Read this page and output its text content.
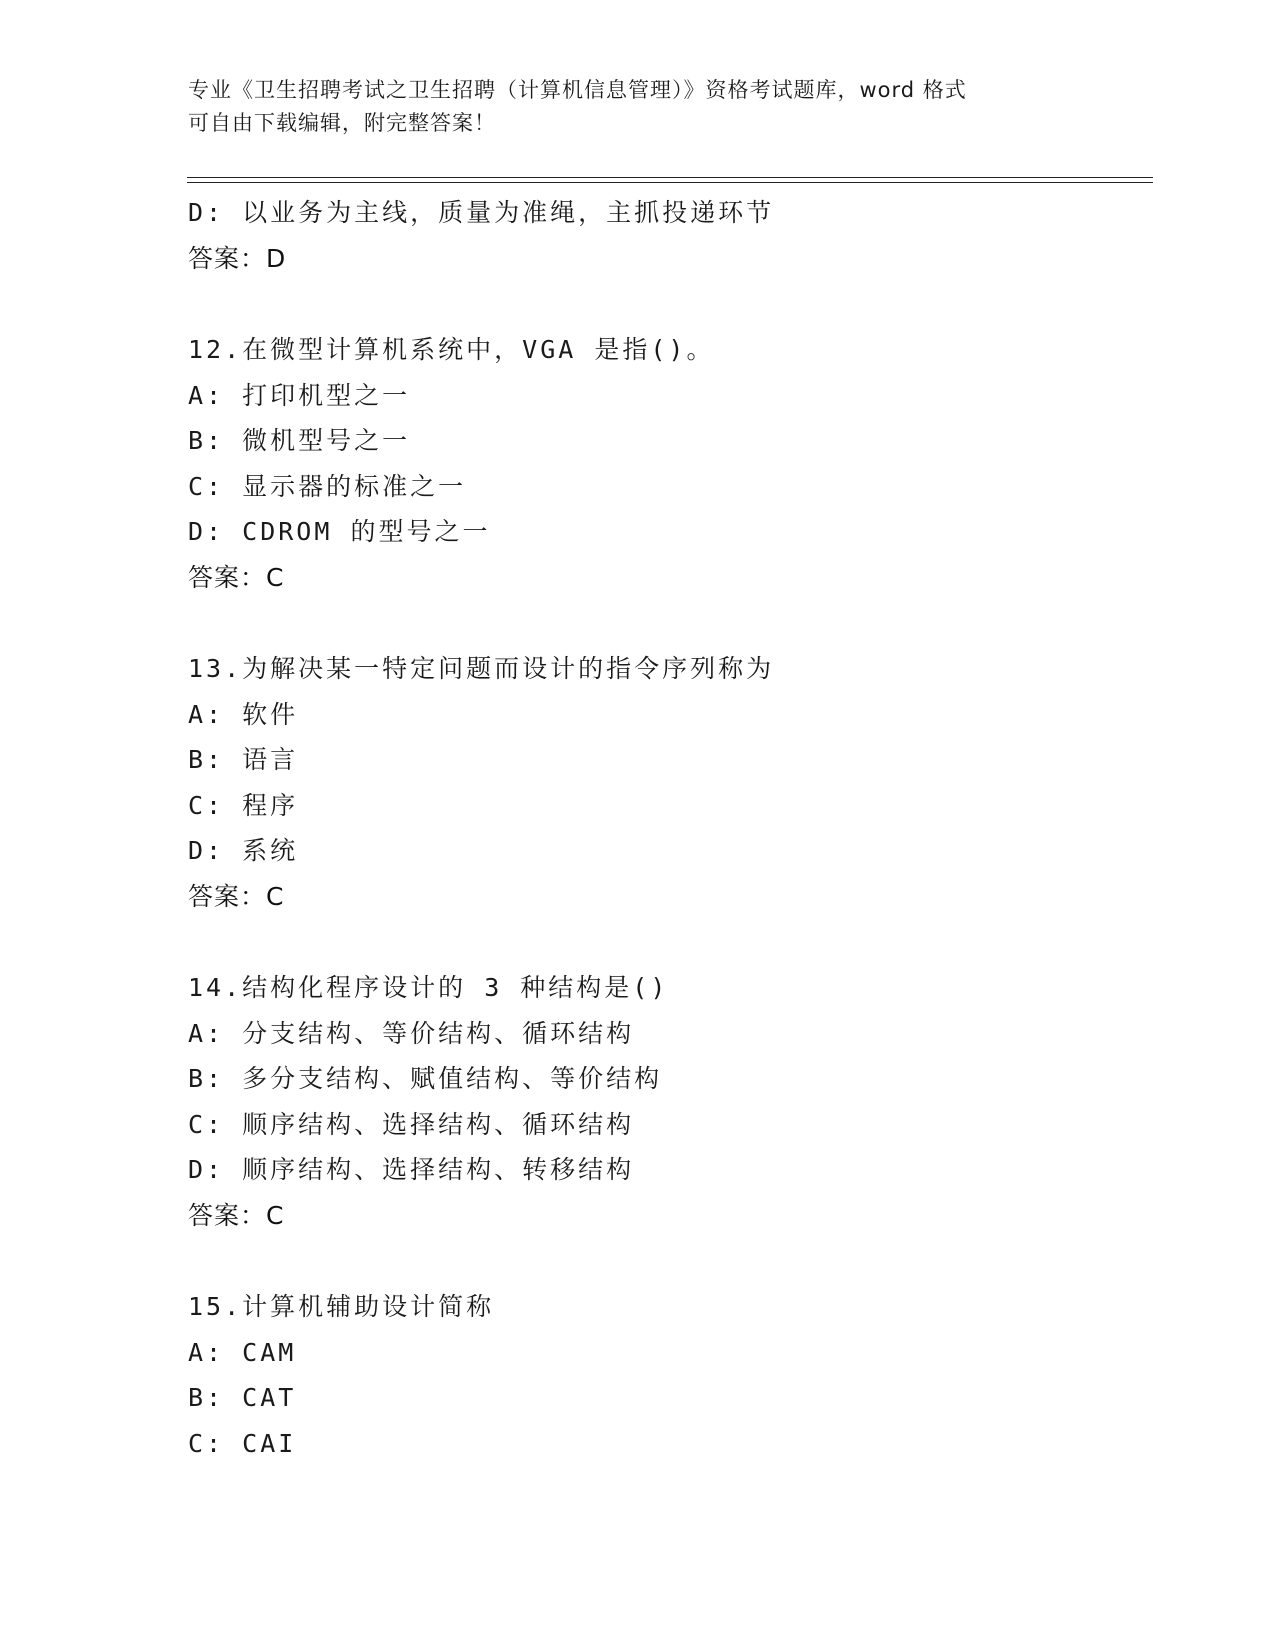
专业《卫生招聘考试之卫生招聘（计算机信息管理）》资格考试题库，word 格式
可自由下载编辑，附完整答案！
D: 以业务为主线，质量为准绳，主抓投递环节
答案：D
12.在微型计算机系统中，VGA 是指()。
A: 打印机型之一
B: 微机型号之一
C: 显示器的标准之一
D: CDROM 的型号之一
答案：C
13.为解决某一特定问题而设计的指令序列称为
A: 软件
B: 语言
C: 程序
D: 系统
答案：C
14.结构化程序设计的 3 种结构是()
A: 分支结构、等价结构、循环结构
B: 多分支结构、赋值结构、等价结构
C: 顺序结构、选择结构、循环结构
D: 顺序结构、选择结构、转移结构
答案：C
15.计算机辅助设计简称
A: CAM
B: CAT
C: CAI
